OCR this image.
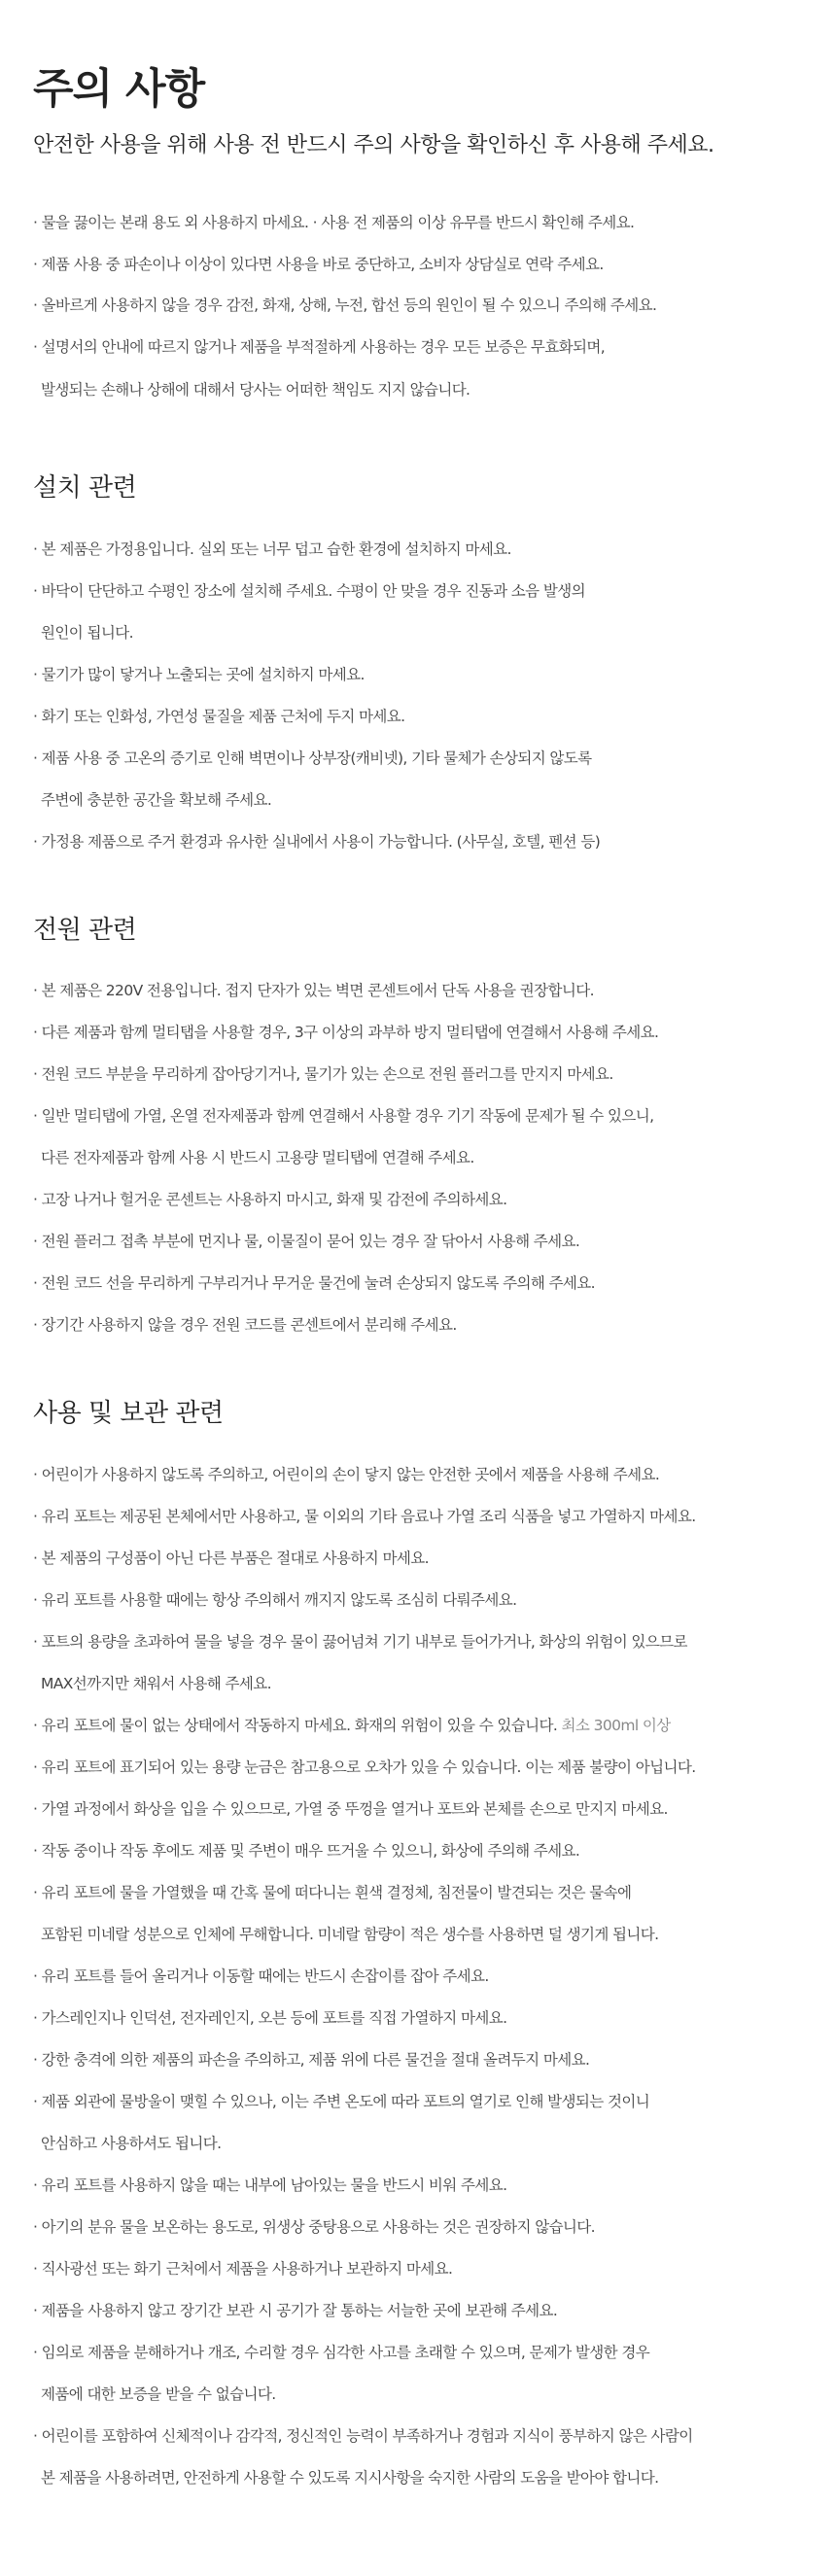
주의 사항

안전한 사용을 위해 사용 전 반드시 주의 사항을 확인하신 후 사용해 주세요.

· 물을 끓이는 본래 용도 외 사용하지 마세요. · 사용 전 제품의 이상 유무를 반드시 확인해 주세요.

· 제품 사용 중 파손이나 이상이 있다면 사용을 바로 중단하고, 소비자 상담실로 연락 주세요.

· 올바르게 사용하지 않을 경우 감전, 화재, 상해, 누전, 합선 등의 원인이 될 수 있으니 주의해 주세요.

· 설명서의 안내에 따르지 않거나 제품을 부적절하게 사용하는 경우 모든 보증은 무효화되며,

발생되는 손해나 상해에 대해서 당사는 어떠한 책임도 지지 않습니다.

설치 관련

· 본 제품은 가정용입니다. 실외 또는 너무 덥고 습한 환경에 설치하지 마세요.

· 바닥이 단단하고 수평인 장소에 설치해 주세요. 수평이 안 맞을 경우 진동과 소음 발생의

원인이 됩니다.

· 물기가 많이 닿거나 노출되는 곳에 설치하지 마세요.

· 화기 또는 인화성, 가연성 물질을 제품 근처에 두지 마세요.

· 제품 사용 중 고온의 증기로 인해 벽면이나 상부장(캐비넷), 기타 물체가 손상되지 않도록

주변에 충분한 공간을 확보해 주세요.

· 가정용 제품으로 주거 환경과 유사한 실내에서 사용이 가능합니다. (사무실, 호텔, 펜션 등)

전원 관련

· 본 제품은 220V 전용입니다. 접지 단자가 있는 벽면 콘센트에서 단독 사용을 권장합니다.

· 다른 제품과 함께 멀티탭을 사용할 경우, 3구 이상의 과부하 방지 멀티탭에 연결해서 사용해 주세요.

· 전원 코드 부분을 무리하게 잡아당기거나, 물기가 있는 손으로 전원 플러그를 만지지 마세요.

· 일반 멀티탭에 가열, 온열 전자제품과 함께 연결해서 사용할 경우 기기 작동에 문제가 될 수 있으니,

다른 전자제품과 함께 사용 시 반드시 고용량 멀티탭에 연결해 주세요.

· 고장 나거나 헐거운 콘센트는 사용하지 마시고, 화재 및 감전에 주의하세요.

· 전원 플러그 접촉 부분에 먼지나 물, 이물질이 묻어 있는 경우 잘 닦아서 사용해 주세요.

· 전원 코드 선을 무리하게 구부리거나 무거운 물건에 눌려 손상되지 않도록 주의해 주세요.

· 장기간 사용하지 않을 경우 전원 코드를 콘센트에서 분리해 주세요.

사용 및 보관 관련

· 어린이가 사용하지 않도록 주의하고, 어린이의 손이 닿지 않는 안전한 곳에서 제품을 사용해 주세요.

· 유리 포트는 제공된 본체에서만 사용하고, 물 이외의 기타 음료나 가열 조리 식품을 넣고 가열하지 마세요.

· 본 제품의 구성품이 아닌 다른 부품은 절대로 사용하지 마세요.

· 유리 포트를 사용할 때에는 항상 주의해서 깨지지 않도록 조심히 다뤄주세요.

· 포트의 용량을 초과하여 물을 넣을 경우 물이 끓어넘쳐 기기 내부로 들어가거나, 화상의 위험이 있으므로

MAX선까지만 채워서 사용해 주세요.

· 유리 포트에 물이 없는 상태에서 작동하지 마세요. 화재의 위험이 있을 수 있습니다. 최소 300ml 이상

· 유리 포트에 표기되어 있는 용량 눈금은 참고용으로 오차가 있을 수 있습니다. 이는 제품 불량이 아닙니다.

· 가열 과정에서 화상을 입을 수 있으므로, 가열 중 뚜껑을 열거나 포트와 본체를 손으로 만지지 마세요.

· 작동 중이나 작동 후에도 제품 및 주변이 매우 뜨거울 수 있으니, 화상에 주의해 주세요.

· 유리 포트에 물을 가열했을 때 간혹 물에 떠다니는 흰색 결정체, 침전물이 발견되는 것은 물속에

포함된 미네랄 성분으로 인체에 무해합니다. 미네랄 함량이 적은 생수를 사용하면 덜 생기게 됩니다.

· 유리 포트를 들어 올리거나 이동할 때에는 반드시 손잡이를 잡아 주세요.

· 가스레인지나 인덕션, 전자레인지, 오븐 등에 포트를 직접 가열하지 마세요.

· 강한 충격에 의한 제품의 파손을 주의하고, 제품 위에 다른 물건을 절대 올려두지 마세요.

· 제품 외관에 물방울이 맺힐 수 있으나, 이는 주변 온도에 따라 포트의 열기로 인해 발생되는 것이니

안심하고 사용하셔도 됩니다.

· 유리 포트를 사용하지 않을 때는 내부에 남아있는 물을 반드시 비워 주세요.

· 아기의 분유 물을 보온하는 용도로, 위생상 중탕용으로 사용하는 것은 권장하지 않습니다.

· 직사광선 또는 화기 근처에서 제품을 사용하거나 보관하지 마세요.

· 제품을 사용하지 않고 장기간 보관 시 공기가 잘 통하는 서늘한 곳에 보관해 주세요.

· 임의로 제품을 분해하거나 개조, 수리할 경우 심각한 사고를 초래할 수 있으며, 문제가 발생한 경우

제품에 대한 보증을 받을 수 없습니다.

· 어린이를 포함하여 신체적이나 감각적, 정신적인 능력이 부족하거나 경험과 지식이 풍부하지 않은 사람이

본 제품을 사용하려면, 안전하게 사용할 수 있도록 지시사항을 숙지한 사람의 도움을 받아야 합니다.
